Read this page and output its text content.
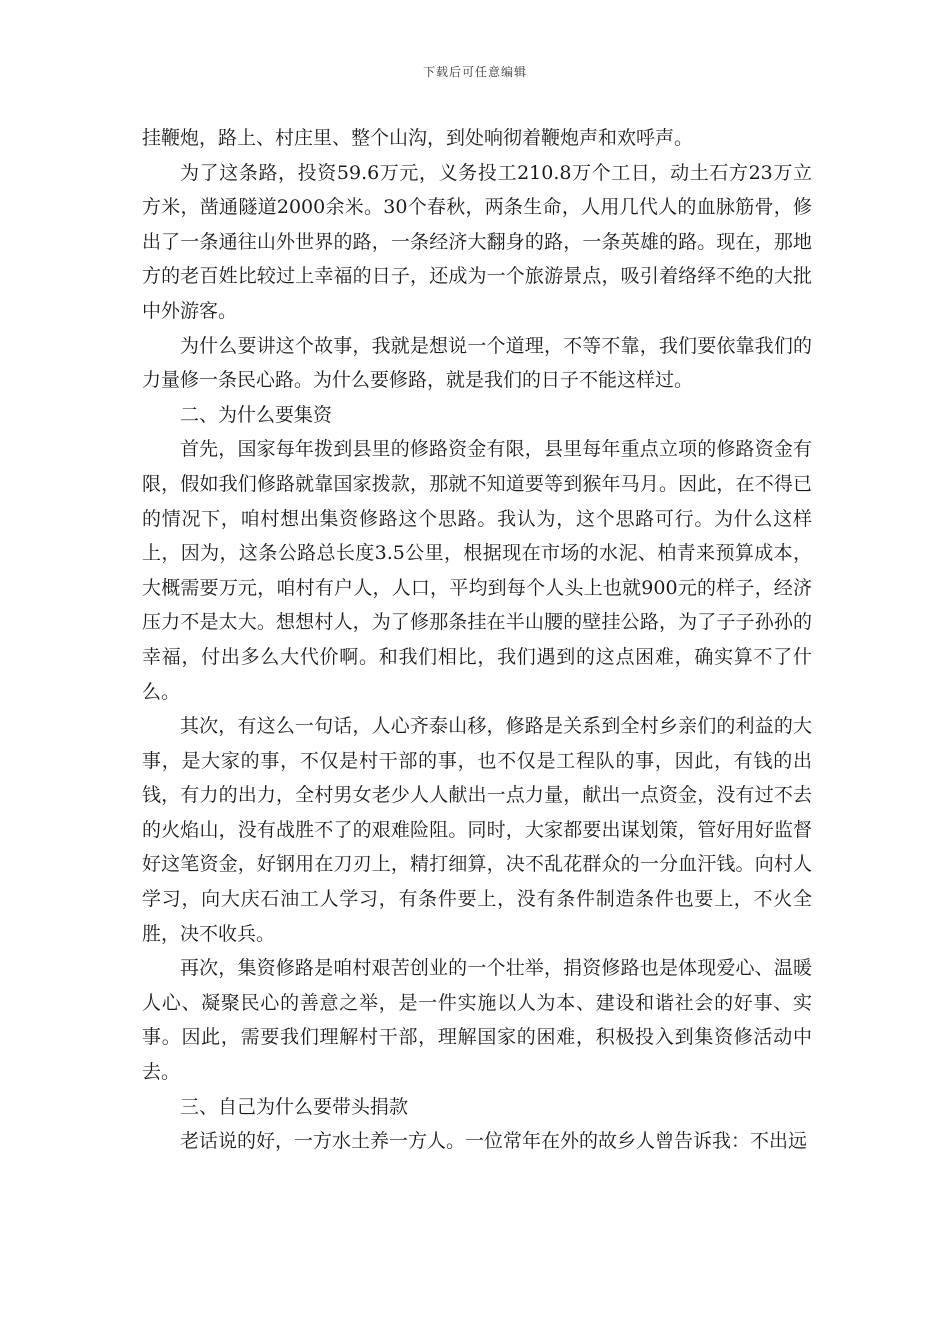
下载后可任意编辑

挂鞭炮，路上、村庄里、整个山沟，到处响彻着鞭炮声和欢呼声。

为了这条路，投资59.6万元，义务投工210.8万个工日，动土石方23万立方米，凿通隧道2000余米。30个春秋，两条生命，人用几代人的血脉筋骨，修出了一条通往山外世界的路，一条经济大翻身的路，一条英雄的路。现在，那地方的老百姓比较过上幸福的日子，还成为一个旅游景点，吸引着络绎不绝的大批中外游客。

为什么要讲这个故事，我就是想说一个道理，不等不靠，我们要依靠我们的力量修一条民心路。为什么要修路，就是我们的日子不能这样过。

二、为什么要集资

首先，国家每年拨到县里的修路资金有限，县里每年重点立项的修路资金有限，假如我们修路就靠国家拨款，那就不知道要等到猴年马月。因此，在不得已的情况下，咱村想出集资修路这个思路。我认为，这个思路可行。为什么这样上，因为，这条公路总长度3.5公里，根据现在市场的水泥、柏青来预算成本，大概需要万元，咱村有户人，人口，平均到每个人头上也就900元的样子，经济压力不是太大。想想村人，为了修那条挂在半山腰的壁挂公路，为了子子孙孙的幸福，付出多么大代价啊。和我们相比，我们遇到的这点困难，确实算不了什么。

其次，有这么一句话，人心齐泰山移，修路是关系到全村乡亲们的利益的大事，是大家的事，不仅是村干部的事，也不仅是工程队的事，因此，有钱的出钱，有力的出力，全村男女老少人人献出一点力量，献出一点资金，没有过不去的火焰山，没有战胜不了的艰难险阻。同时，大家都要出谋划策，管好用好监督好这笔资金，好钢用在刀刃上，精打细算，决不乱花群众的一分血汗钱。向村人学习，向大庆石油工人学习，有条件要上，没有条件制造条件也要上，不火全胜，决不收兵。

再次，集资修路是咱村艰苦创业的一个壮举，捐资修路也是体现爱心、温暖人心、凝聚民心的善意之举，是一件实施以人为本、建设和谐社会的好事、实事。因此，需要我们理解村干部，理解国家的困难，积极投入到集资修活动中去。

三、自己为什么要带头捐款

老话说的好，一方水土养一方人。一位常年在外的故乡人曾告诉我：不出远
